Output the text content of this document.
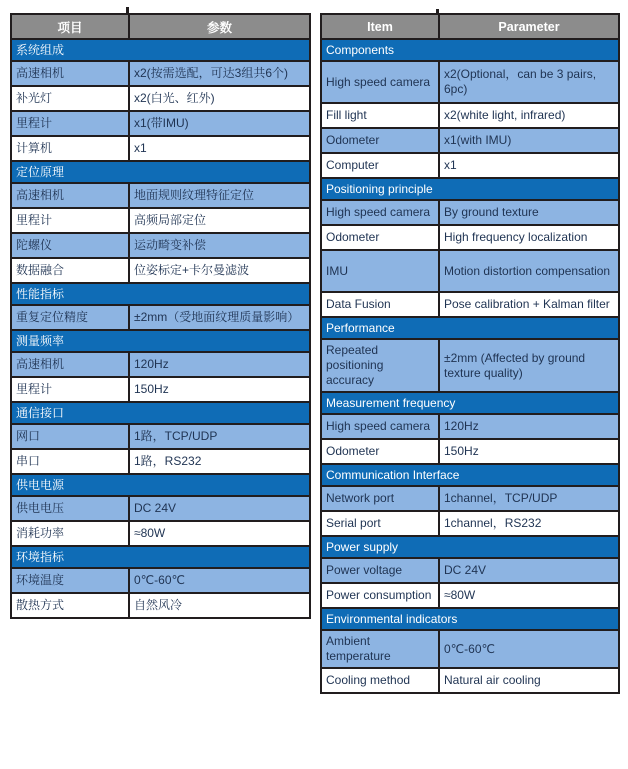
项目	参数
系统组成	
高速相机	x2(按需选配，可达3组共6个)
补光灯	x2(白光、红外)
里程计	x1(带IMU)
计算机	x1
定位原理	
高速相机	地面规则纹理特征定位
里程计	高频局部定位
陀螺仪	运动畸变补偿
数据融合	位姿标定+卡尔曼滤波
性能指标	
重复定位精度	±2mm（受地面纹理质量影响）
测量频率	
高速相机	120Hz
里程计	150Hz
通信接口	
网口	1路，TCP/UDP
串口	1路，RS232
供电电源	
供电电压	DC 24V
消耗功率	≈80W
环境指标	
环境温度	0℃-60℃
散热方式	自然风冷
Item	Parameter
Components	
High speed camera	x2(Optional，can be 3 pairs, 6pc)
Fill light	x2(white light, infrared)
Odometer	x1(with IMU)
Computer	x1
Positioning principle	
High speed camera	By ground texture
Odometer	High frequency localization
IMU	Motion distortion compensation
Data Fusion	Pose calibration + Kalman filter
Performance	
Repeated positioning accuracy	±2mm (Affected by ground texture quality)
Measurement frequency	
High speed camera	120Hz
Odometer	150Hz
Communication Interface	
Network port	1channel，TCP/UDP
Serial port	1channel，RS232
Power supply	
Power voltage	DC 24V
Power consumption	≈80W
Environmental indicators	
Ambient temperature	0℃-60℃
Cooling method	Natural air cooling
